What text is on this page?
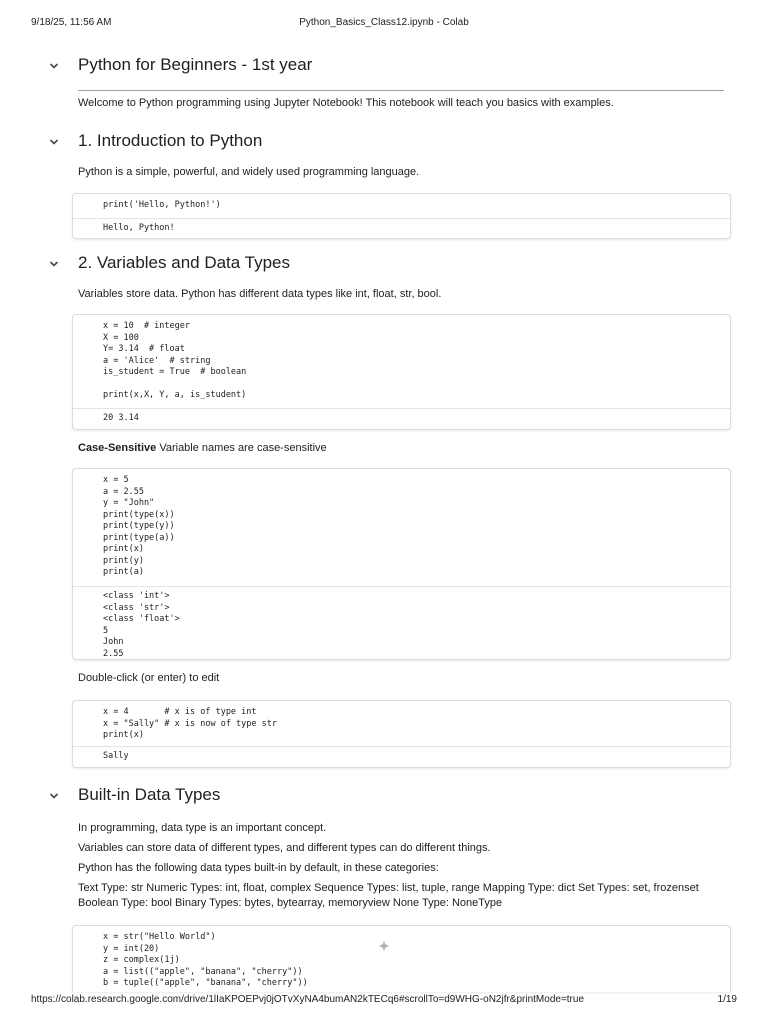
9/18/25, 11:56 AM	Python_Basics_Class12.ipynb - Colab
Python for Beginners - 1st year

Welcome to Python programming using Jupyter Notebook! This notebook will teach you basics with examples.

1. Introduction to Python

Python is a simple, powerful, and widely used programming language.

print('Hello, Python!')
Hello, Python!
2. Variables and Data Types

Variables store data. Python has different data types like int, float, str, bool.

x = 10  # integer
X = 100
Y= 3.14  # float
a = 'Alice'  # string
is_student = True  # boolean

print(x,X, Y, a, is_student)
20 3.14

Case-Sensitive Variable names are case-sensitive

x = 5
a = 2.55
y = "John"
print(type(x))
print(type(y))
print(type(a))
print(x)
print(y)
print(a)
<class 'int'>
<class 'str'>
<class 'float'>
5
John
2.55

Double-click (or enter) to edit

x = 4       # x is of type int
x = "Sally" # x is now of type str
print(x)
Sally
Built-in Data Types

In programming, data type is an important concept.

Variables can store data of different types, and different types can do different things.

Python has the following data types built-in by default, in these categories:

Text Type: str Numeric Types: int, float, complex Sequence Types: list, tuple, range Mapping Type: dict Set Types: set, frozenset Boolean Type: bool Binary Types: bytes, bytearray, memoryview None Type: NoneType

x = str("Hello World")
y = int(20)
z = complex(1j)
a = list(("apple", "banana", "cherry"))
b = tuple(("apple", "banana", "cherry"))
https://colab.research.google.com/drive/1lIaKPOEPvj0jOTvXyNA4bumAN2kTECq6#scrollTo=d9WHG-oN2jfr&printMode=true	1/19
